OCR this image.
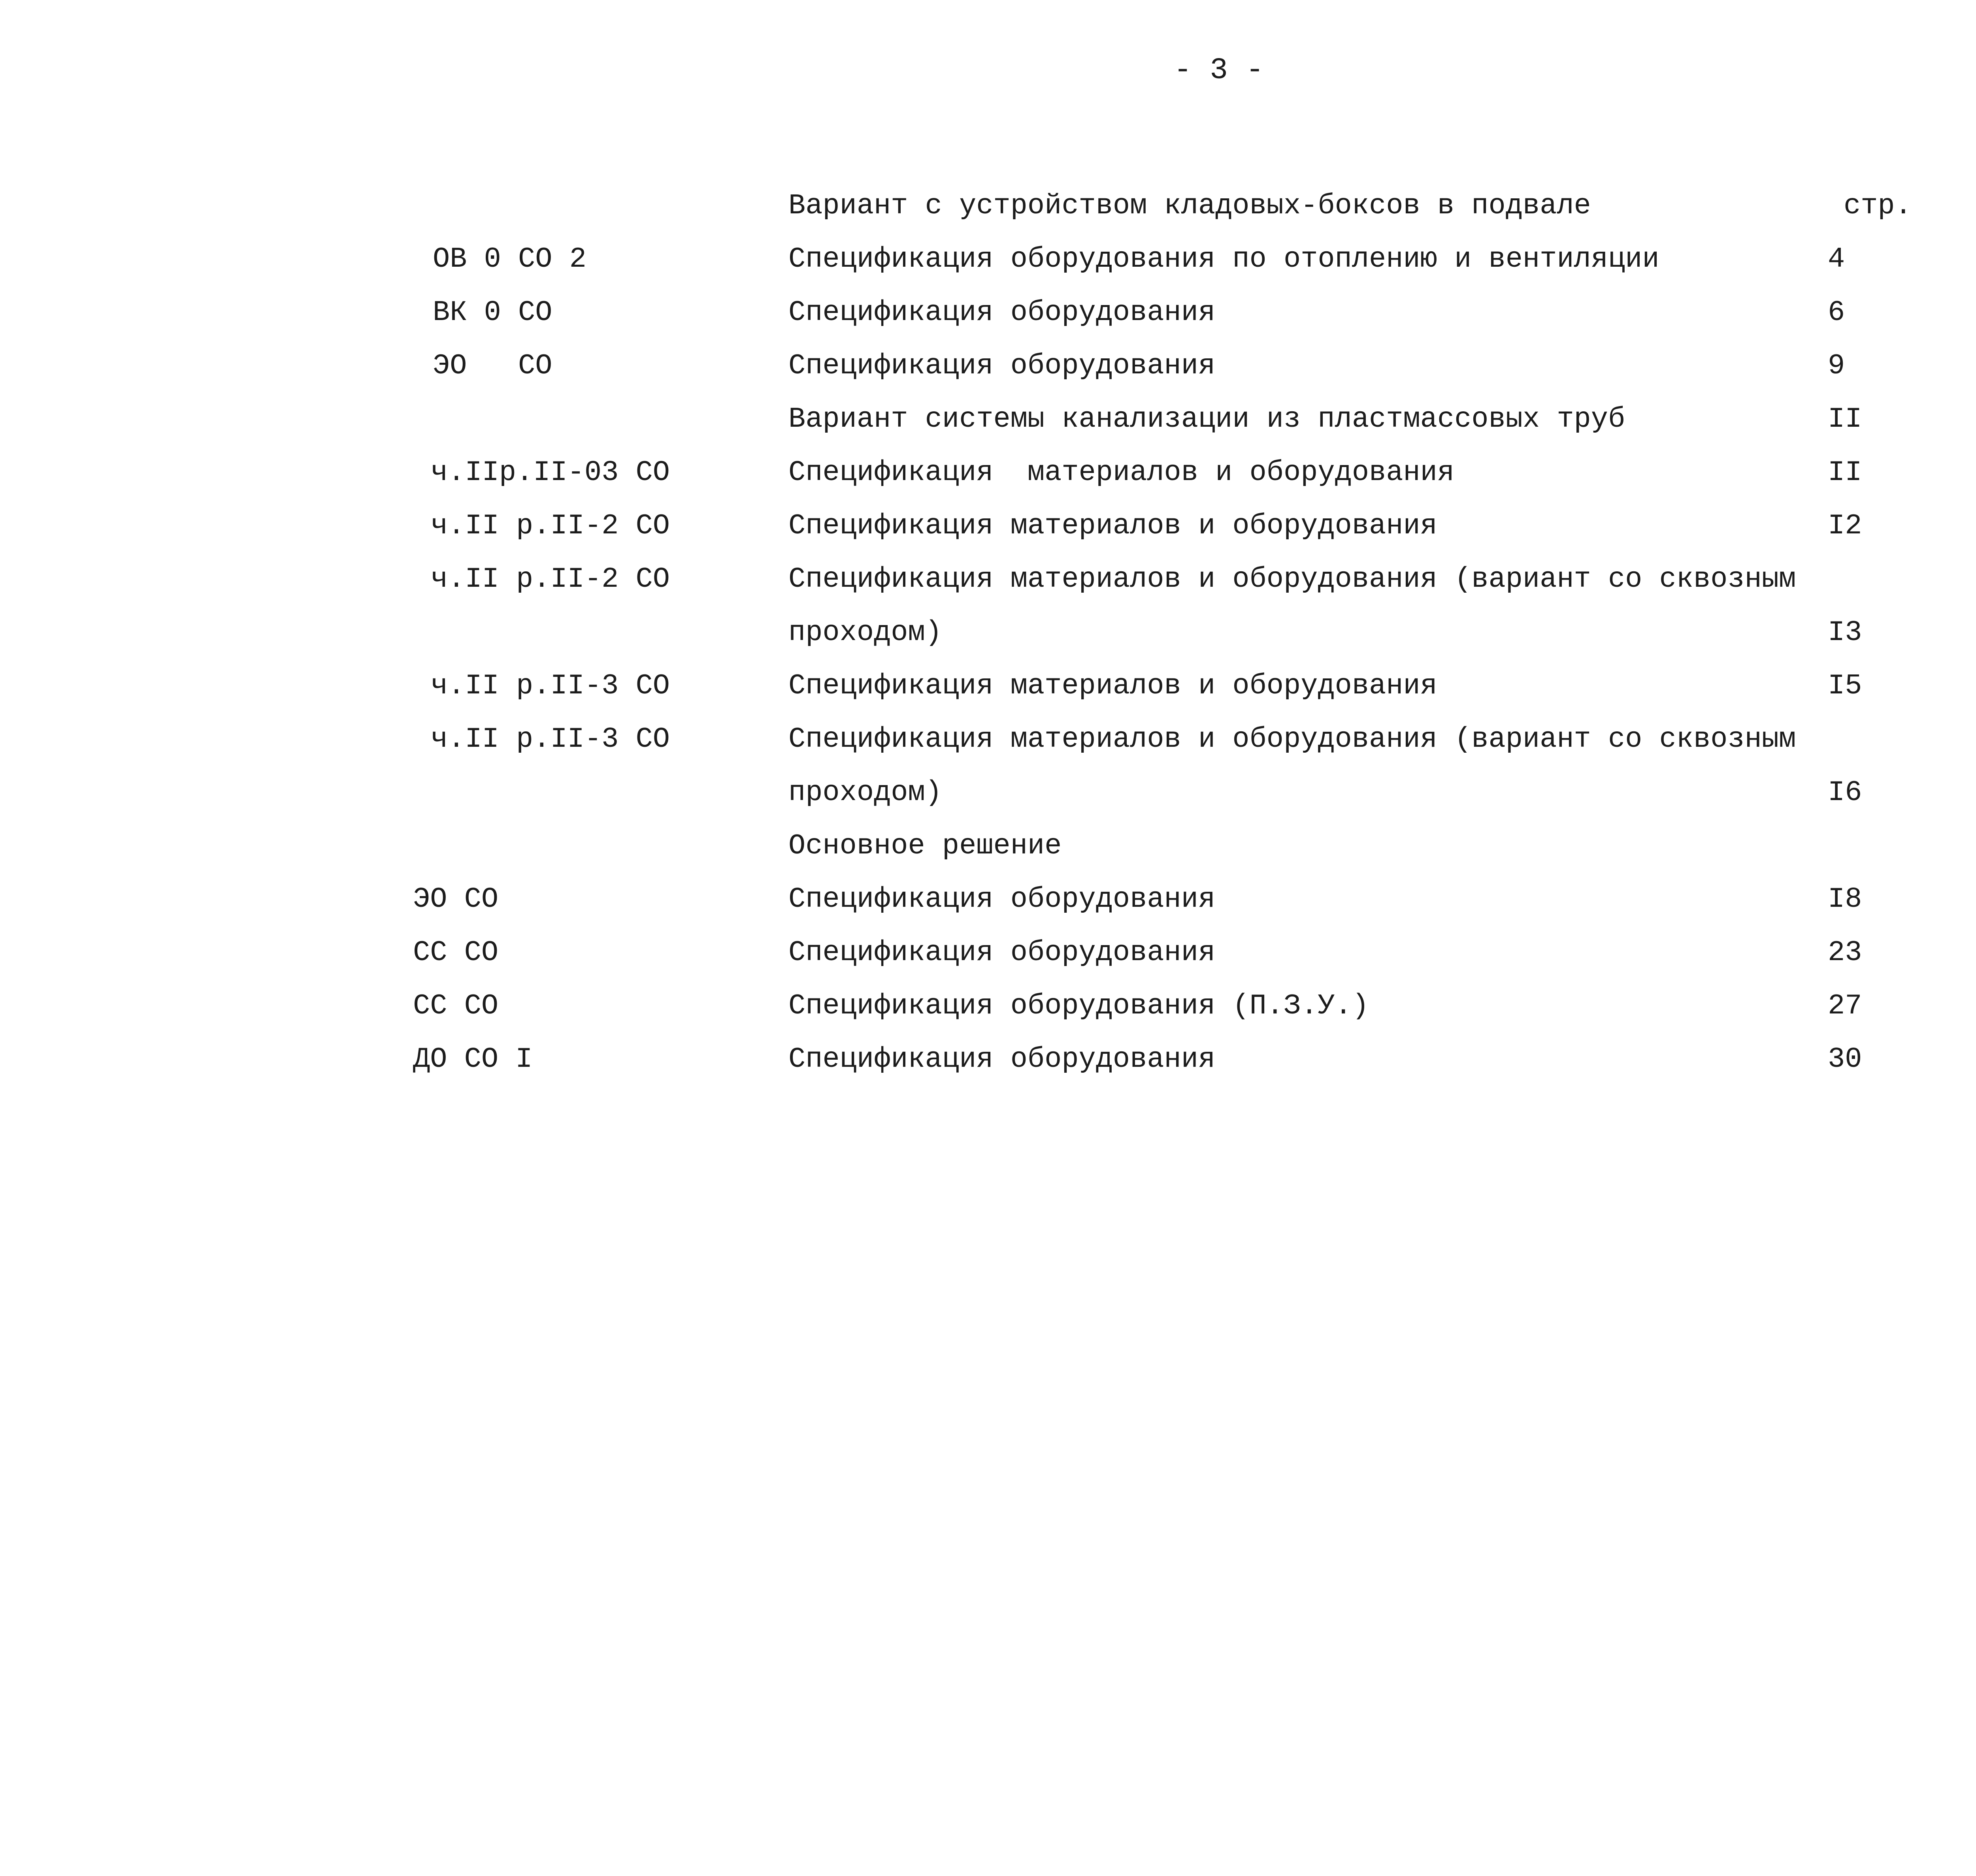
- 3 -
Вариант с устройством кладовых-боксов в подвале	стр.
ОВ 0 СО 2	Спецификация оборудования по отоплению и вентиляции	4
ВК 0 СО	Спецификация оборудования	6
ЭО   СО	Спецификация оборудования	9
Вариант системы канализации из пластмассовых труб	II
ч.IIр.II-03 СО	Спецификация  материалов и оборудования	II
ч.II р.II-2 СО	Спецификация материалов и оборудования	I2
ч.II р.II-2 СО	Спецификация материалов и оборудования (вариант со сквозным
проходом)	I3
ч.II р.II-3 СО	Спецификация материалов и оборудования	I5
ч.II р.II-3 СО	Спецификация материалов и оборудования (вариант со сквозным
проходом)	I6
Основное решение
ЭО СО	Спецификация оборудования	I8
СС СО	Спецификация оборудования	23
СС СО	Спецификация оборудования (П.З.У.)	27
ДО СО I	Спецификация оборудования	30
